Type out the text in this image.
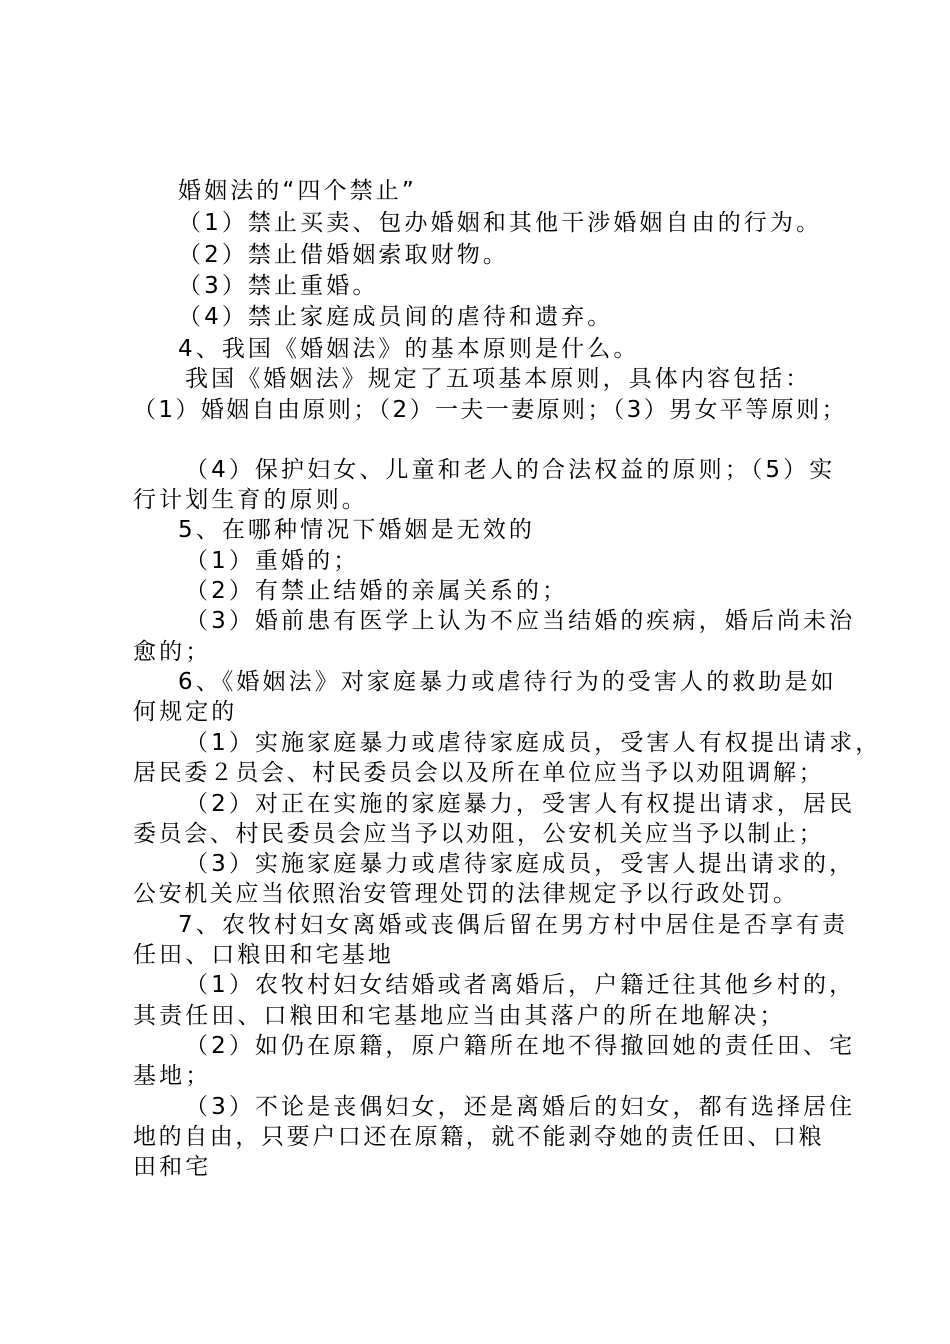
婚姻法的“四个禁止”
（1）禁止买卖、包办婚姻和其他干涉婚姻自由的行为。
（2）禁止借婚姻索取财物。
（3）禁止重婚。
（4）禁止家庭成员间的虐待和遗弃。
4、我国《婚姻法》的基本原则是什么。
我国《婚姻法》规定了五项基本原则，具体内容包括：
（1）婚姻自由原则；（2）一夫一妻原则；（3）男女平等原则；
（4）保护妇女、儿童和老人的合法权益的原则；（5）实
行计划生育的原则。
5、在哪种情况下婚姻是无效的
（1）重婚的；
（2）有禁止结婚的亲属关系的；
（3）婚前患有医学上认为不应当结婚的疾病，婚后尚未治
愈的；
6、《婚姻法》对家庭暴力或虐待行为的受害人的救助是如
何规定的
（1）实施家庭暴力或虐待家庭成员，受害人有权提出请求，
居民委２员会、村民委员会以及所在单位应当予以劝阻调解；
（2）对正在实施的家庭暴力，受害人有权提出请求，居民
委员会、村民委员会应当予以劝阻，公安机关应当予以制止；
（3）实施家庭暴力或虐待家庭成员，受害人提出请求的，
公安机关应当依照治安管理处罚的法律规定予以行政处罚。
7、农牧村妇女离婚或丧偶后留在男方村中居住是否享有责
任田、口粮田和宅基地
（1）农牧村妇女结婚或者离婚后，户籍迁往其他乡村的，
其责任田、口粮田和宅基地应当由其落户的所在地解决；
（2）如仍在原籍，原户籍所在地不得撤回她的责任田、宅
基地；
（3）不论是丧偶妇女，还是离婚后的妇女，都有选择居住
地的自由，只要户口还在原籍，就不能剥夺她的责任田、口粮
田和宅
